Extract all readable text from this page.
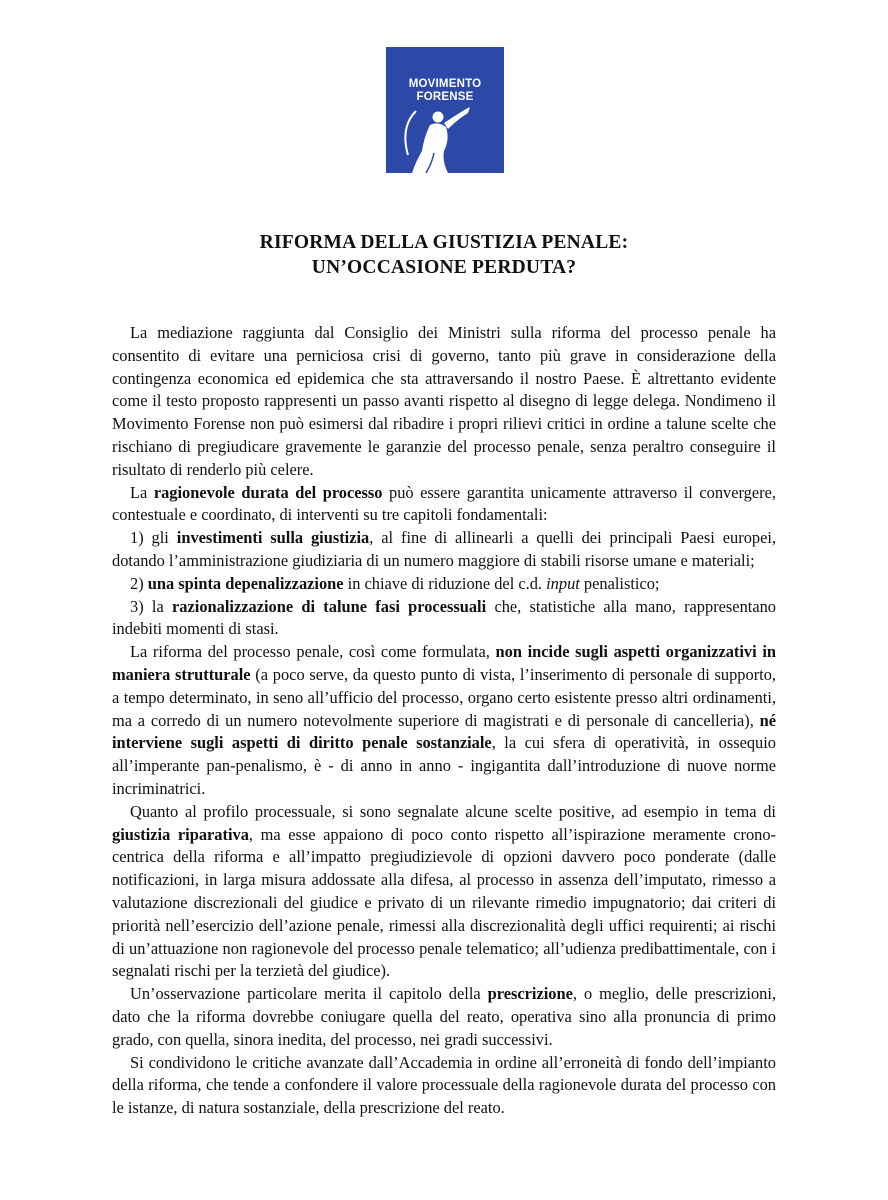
MOVIMENTO
FORENSE
RIFORMA DELLA GIUSTIZIA PENALE:
UN’OCCASIONE PERDUTA?

La mediazione raggiunta dal Consiglio dei Ministri sulla riforma del processo penale ha consentito di evitare una perniciosa crisi di governo, tanto più grave in considerazione della contingenza economica ed epidemica che sta attraversando il nostro Paese. È altrettanto evidente come il testo proposto rappresenti un passo avanti rispetto al disegno di legge delega. Nondimeno il Movimento Forense non può esimersi dal ribadire i propri rilievi critici in ordine a talune scelte che rischiano di pregiudicare gravemente le garanzie del processo penale, senza peraltro conseguire il risultato di renderlo più celere.

La ragionevole durata del processo può essere garantita unicamente attraverso il convergere, contestuale e coordinato, di interventi su tre capitoli fondamentali:

1) gli investimenti sulla giustizia, al fine di allinearli a quelli dei principali Paesi europei, dotando l’amministrazione giudiziaria di un numero maggiore di stabili risorse umane e materiali;

2) una spinta depenalizzazione in chiave di riduzione del c.d. input penalistico;

3) la razionalizzazione di talune fasi processuali che, statistiche alla mano, rappresentano indebiti momenti di stasi.

La riforma del processo penale, così come formulata, non incide sugli aspetti organizzativi in maniera strutturale (a poco serve, da questo punto di vista, l’inserimento di personale di supporto, a tempo determinato, in seno all’ufficio del processo, organo certo esistente presso altri ordinamenti, ma a corredo di un numero notevolmente superiore di magistrati e di personale di cancelleria), né interviene sugli aspetti di diritto penale sostanziale, la cui sfera di operatività, in ossequio all’imperante pan-penalismo, è - di anno in anno - ingigantita dall’introduzione di nuove norme incriminatrici.

Quanto al profilo processuale, si sono segnalate alcune scelte positive, ad esempio in tema di giustizia riparativa, ma esse appaiono di poco conto rispetto all’ispirazione meramente crono-centrica della riforma e all’impatto pregiudizievole di opzioni davvero poco ponderate (dalle notificazioni, in larga misura addossate alla difesa, al processo in assenza dell’imputato, rimesso a valutazione discrezionali del giudice e privato di un rilevante rimedio impugnatorio; dai criteri di priorità nell’esercizio dell’azione penale, rimessi alla discrezionalità degli uffici requirenti; ai rischi di un’attuazione non ragionevole del processo penale telematico; all’udienza predibattimentale, con i segnalati rischi per la terzietà del giudice).

Un’osservazione particolare merita il capitolo della prescrizione, o meglio, delle prescrizioni, dato che la riforma dovrebbe coniugare quella del reato, operativa sino alla pronuncia di primo grado, con quella, sinora inedita, del processo, nei gradi successivi.

Si condividono le critiche avanzate dall’Accademia in ordine all’erroneità di fondo dell’impianto della riforma, che tende a confondere il valore processuale della ragionevole durata del processo con le istanze, di natura sostanziale, della prescrizione del reato.
